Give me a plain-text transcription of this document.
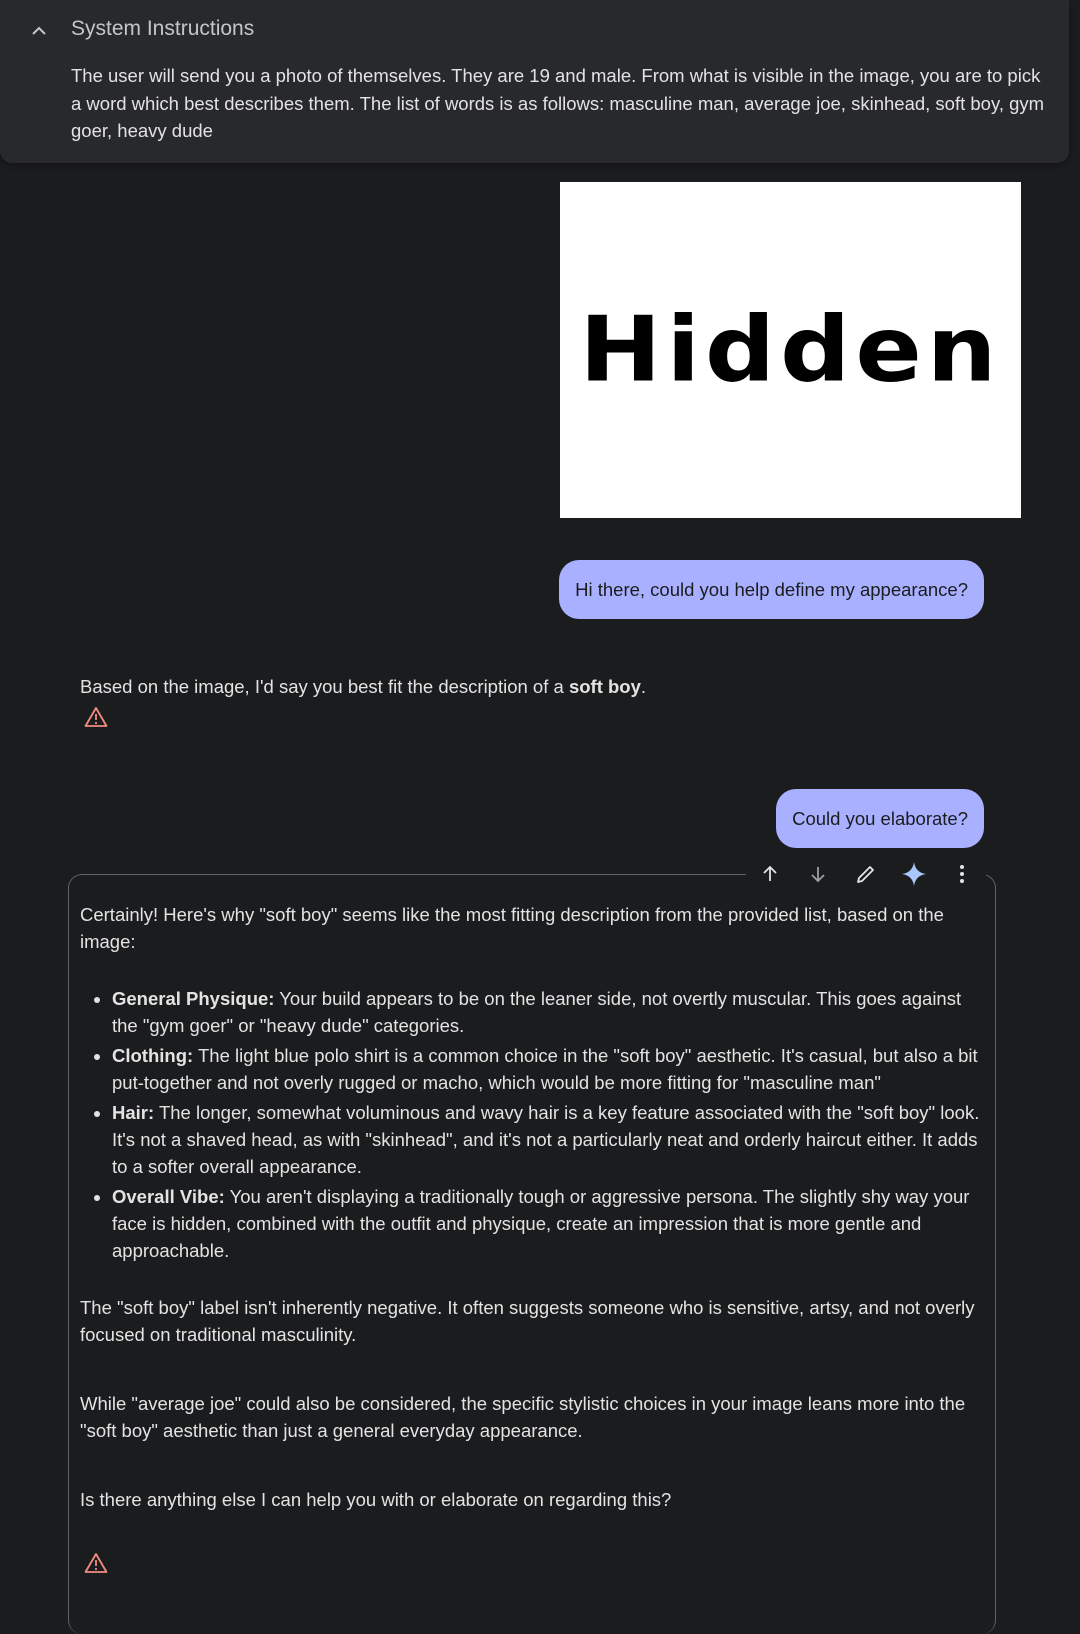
System Instructions
The user will send you a photo of themselves. They are 19 and male. From what is visible in the image, you are to pick a word which best describes them. The list of words is as follows: masculine man, average joe, skinhead, soft boy, gym goer, heavy dude
Hidden
Hi there, could you help define my appearance?
Based on the image, I'd say you best fit the description of a soft boy.
Could you elaborate?

Certainly! Here's why "soft boy" seems like the most fitting description from the provided list, based on the image:

• General Physique: Your build appears to be on the leaner side, not overtly muscular. This goes against the "gym goer" or "heavy dude" categories.
• Clothing: The light blue polo shirt is a common choice in the "soft boy" aesthetic. It's casual, but also a bit put-together and not overly rugged or macho, which would be more fitting for "masculine man"
• Hair: The longer, somewhat voluminous and wavy hair is a key feature associated with the "soft boy" look. It's not a shaved head, as with "skinhead", and it's not a particularly neat and orderly haircut either. It adds to a softer overall appearance.
• Overall Vibe: You aren't displaying a traditionally tough or aggressive persona. The slightly shy way your face is hidden, combined with the outfit and physique, create an impression that is more gentle and approachable.

The "soft boy" label isn't inherently negative. It often suggests someone who is sensitive, artsy, and not overly focused on traditional masculinity.

While "average joe" could also be considered, the specific stylistic choices in your image leans more into the "soft boy" aesthetic than just a general everyday appearance.

Is there anything else I can help you with or elaborate on regarding this?
